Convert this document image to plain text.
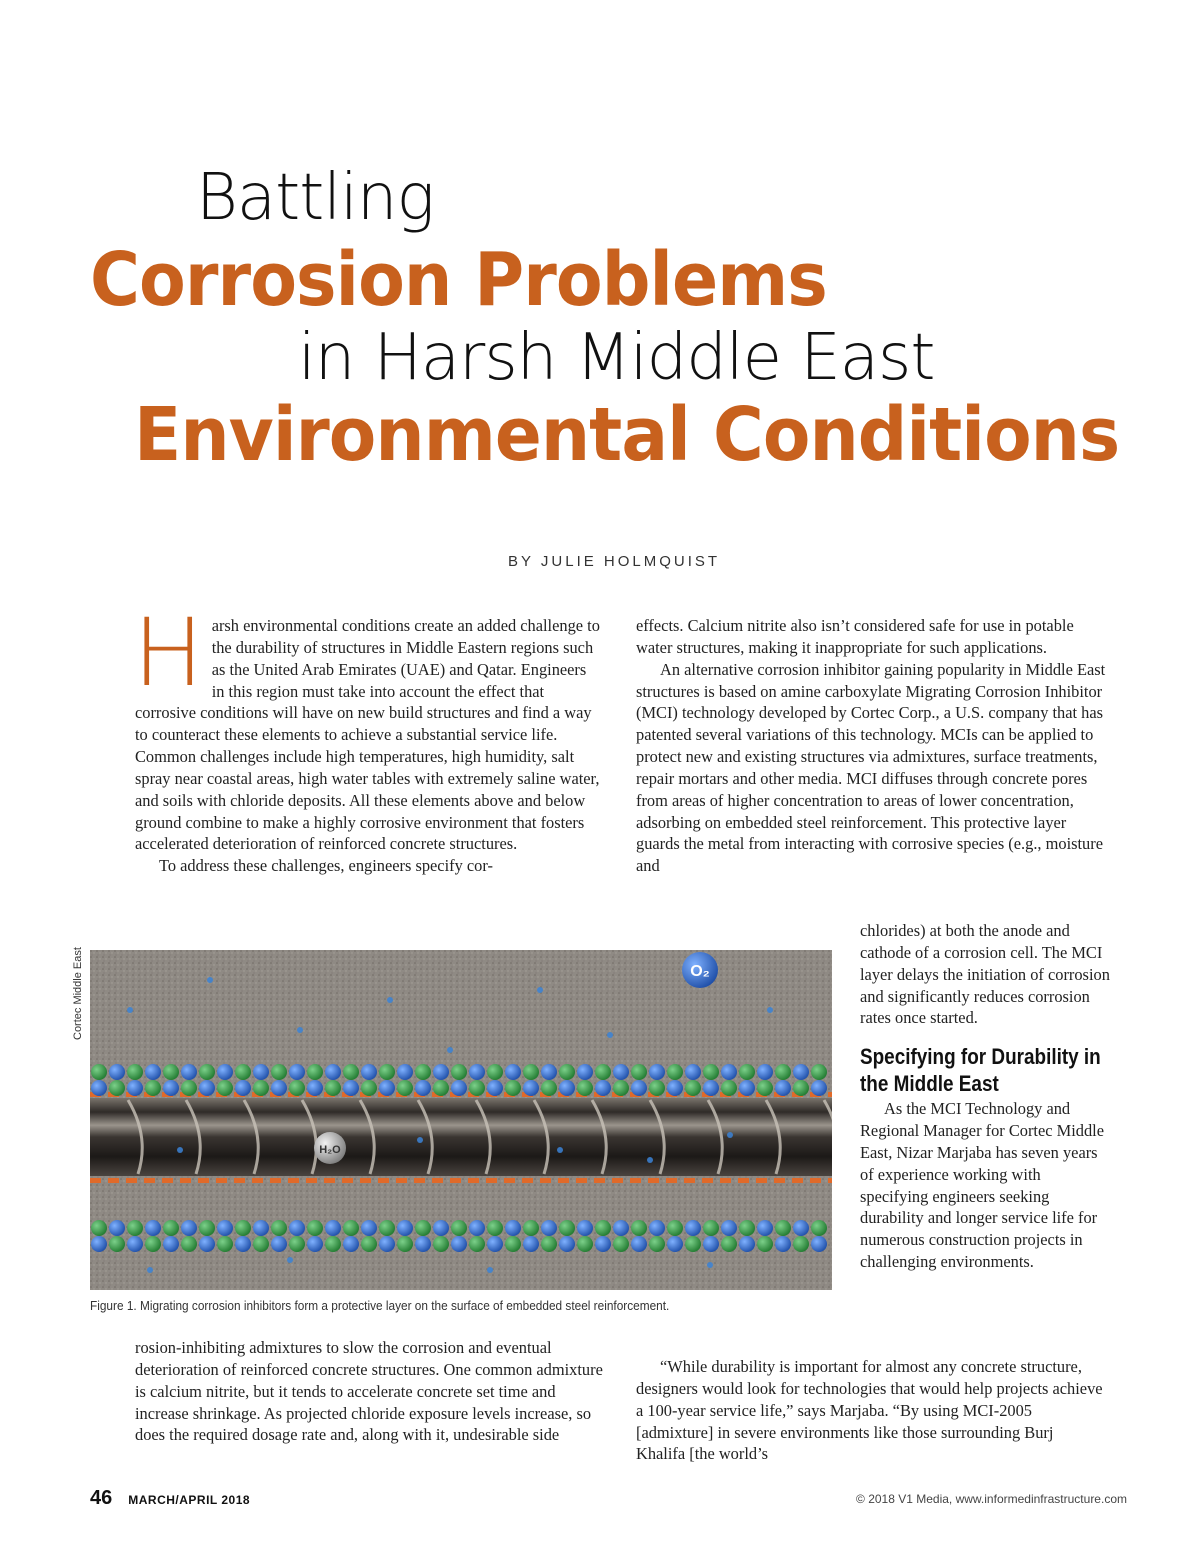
Battling
Corrosion Problems
in Harsh Middle East
Environmental Conditions
BY JULIE HOLMQUIST

Harsh environmental conditions create an added challenge to the durability of structures in Middle Eastern regions such as the United Arab Emirates (UAE) and Qatar. Engineers in this region must take into account the effect that corrosive conditions will have on new build structures and find a way to counteract these elements to achieve a substantial service life. Common challenges include high temperatures, high humidity, salt spray near coastal areas, high water tables with extremely saline water, and soils with chloride deposits. All these elements above and below ground combine to make a highly corrosive environment that fosters accelerated deterioration of reinforced concrete structures.

To address these challenges, engineers specify cor-

effects. Calcium nitrite also isn’t considered safe for use in potable water structures, making it inappropriate for such applications.

An alternative corrosion inhibitor gaining popularity in Middle East structures is based on amine carboxylate Migrating Corrosion Inhibitor (MCI) technology developed by Cortec Corp., a U.S. company that has patented several variations of this technology. MCIs can be applied to protect new and existing structures via admixtures, surface treatments, repair mortars and other media. MCI diffuses through concrete pores from areas of higher concentration to areas of lower concentration, adsorbing on embedded steel reinforcement. This protective layer guards the metal from interacting with corrosive species (e.g., moisture and

chlorides) at both the anode and cathode of a corrosion cell. The MCI layer delays the initiation of corrosion and significantly reduces corrosion rates once started.

Specifying for Durability in the Middle East

As the MCI Technology and Regional Manager for Cortec Middle East, Nizar Marjaba has seven years of experience working with specifying engineers seeking durability and longer service life for numerous construction projects in challenging environments.

“While durability is important for almost any concrete structure, designers would look for technologies that would help projects achieve a 100-year service life,” says Marjaba. “By using MCI-2005 [admixture] in severe environments like those surrounding Burj Khalifa [the world’s

rosion-inhibiting admixtures to slow the corrosion and eventual deterioration of reinforced concrete structures. One common admixture is calcium nitrite, but it tends to accelerate concrete set time and increase shrinkage. As projected chloride exposure levels increase, so does the required dosage rate and, along with it, undesirable side

Cortec Middle East	O₂
H₂O
Figure 1. Migrating corrosion inhibitors form a protective layer on the surface of embedded steel reinforcement.
46 MARCH/APRIL 2018	© 2018 V1 Media, www.informedinfrastructure.com
